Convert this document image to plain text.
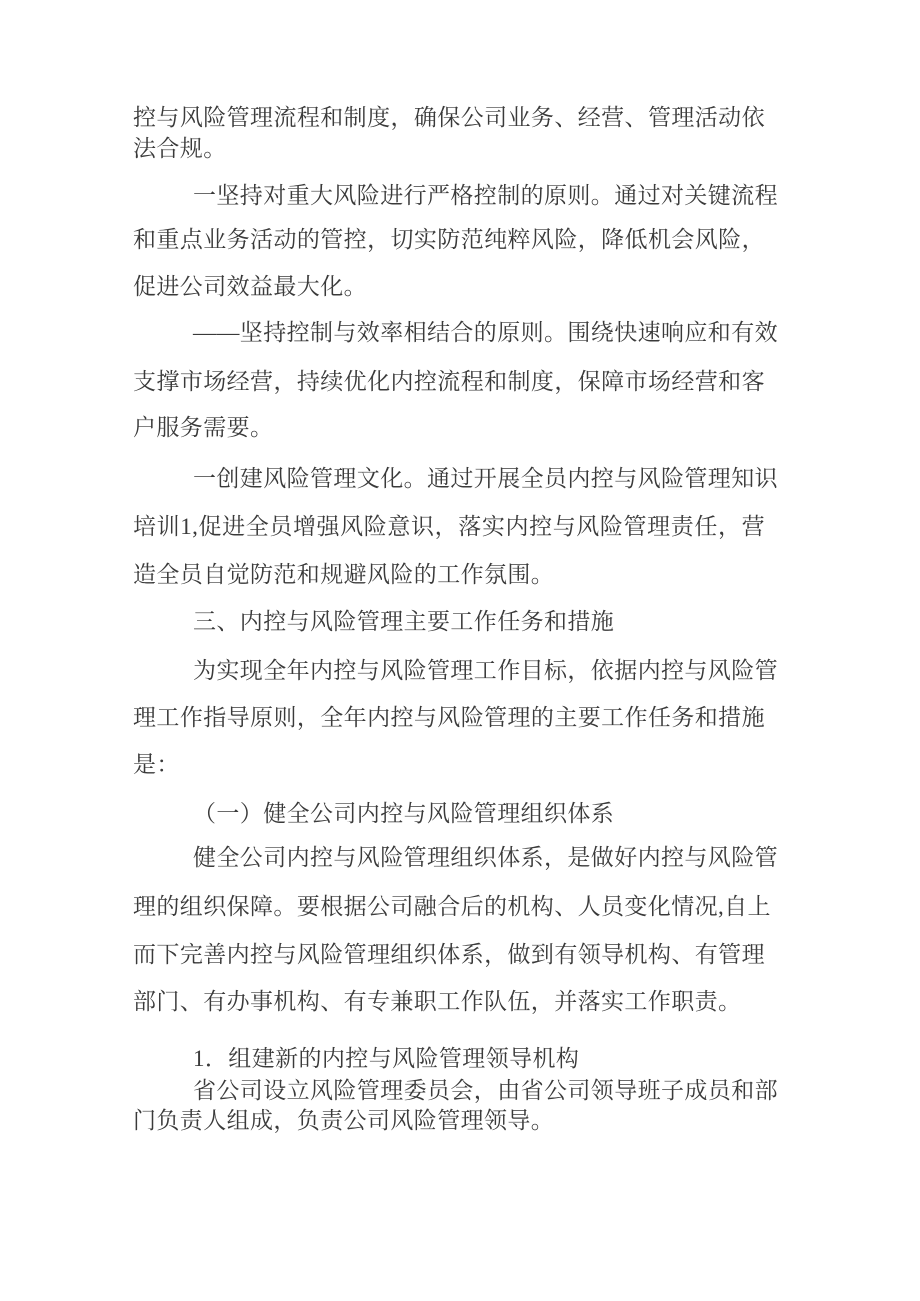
控与风险管理流程和制度，确保公司业务、经营、管理活动依
法合规。
一坚持对重大风险进行严格控制的原则。通过对关键流程
和重点业务活动的管控，切实防范纯粹风险，降低机会风险，
促进公司效益最大化。
——坚持控制与效率相结合的原则。围绕快速响应和有效
支撑市场经营，持续优化内控流程和制度，保障市场经营和客
户服务需要。
一创建风险管理文化。通过开展全员内控与风险管理知识
培训1,促进全员增强风险意识，落实内控与风险管理责任，营
造全员自觉防范和规避风险的工作氛围。
三、内控与风险管理主要工作任务和措施
为实现全年内控与风险管理工作目标，依据内控与风险管
理工作指导原则，全年内控与风险管理的主要工作任务和措施
是：
（一）健全公司内控与风险管理组织体系
健全公司内控与风险管理组织体系，是做好内控与风险管
理的组织保障。要根据公司融合后的机构、人员变化情况,自上
而下完善内控与风险管理组织体系，做到有领导机构、有管理
部门、有办事机构、有专兼职工作队伍，并落实工作职责。
1．组建新的内控与风险管理领导机构
省公司设立风险管理委员会，由省公司领导班子成员和部
门负责人组成，负责公司风险管理领导。
